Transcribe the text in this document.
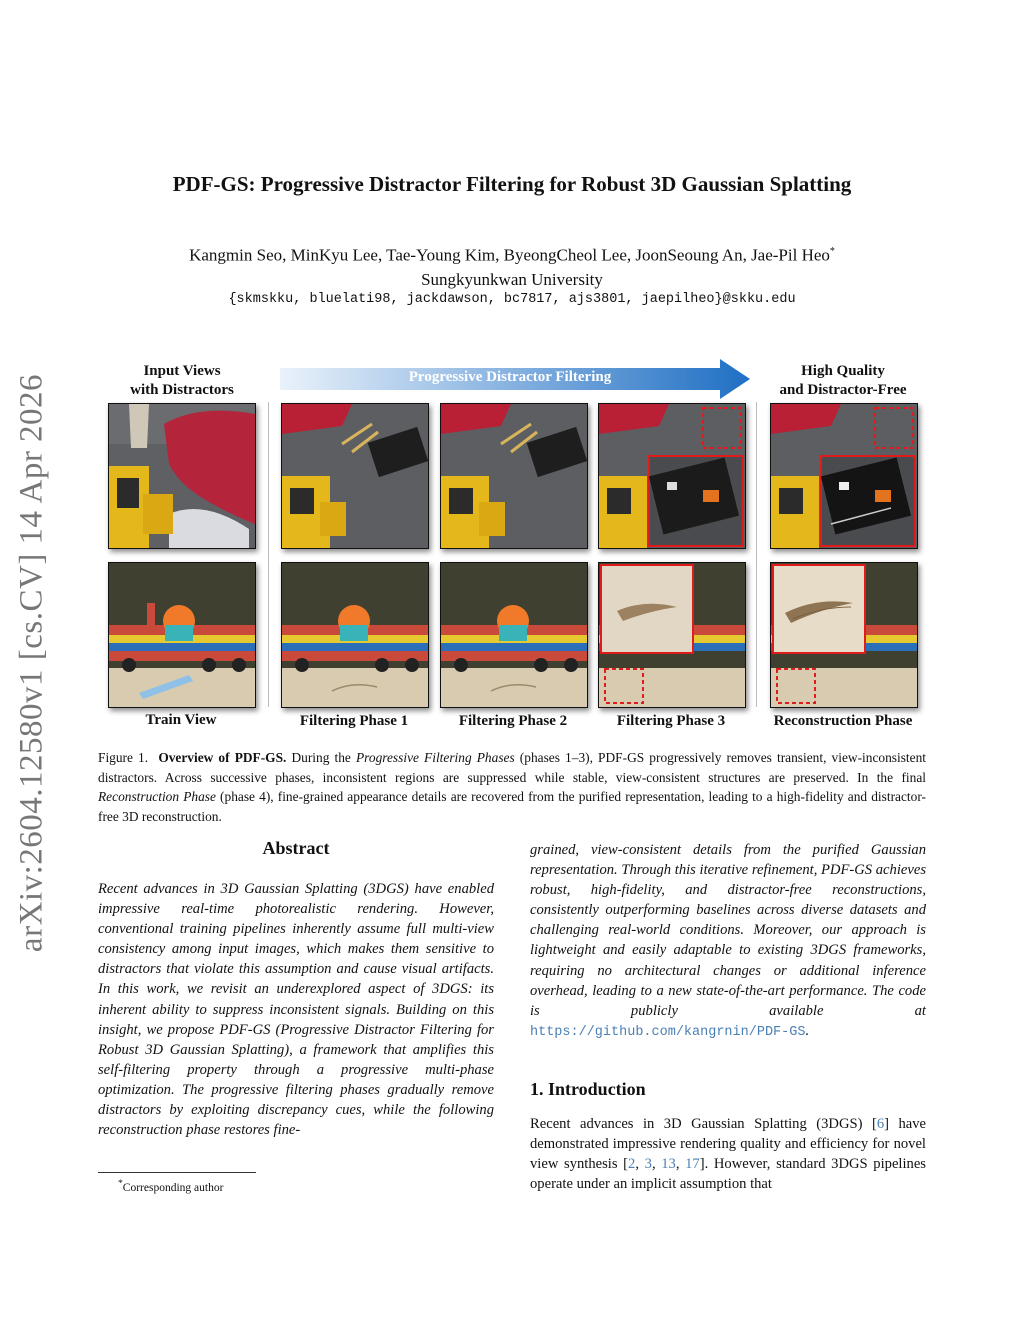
arXiv:2604.12580v1 [cs.CV] 14 Apr 2026
PDF-GS: Progressive Distractor Filtering for Robust 3D Gaussian Splatting
Kangmin Seo, MinKyu Lee, Tae-Young Kim, ByeongCheol Lee, JoonSeoung An, Jae-Pil Heo*
Sungkyunkwan University
{skmskku, bluelati98, jackdawson, bc7817, ajs3801, jaepilheo}@skku.edu
Input Views
with Distractors
Progressive Distractor Filtering	High Quality
and Distractor-Free
Train View	Filtering Phase 1	Filtering Phase 2	Filtering Phase 3	Reconstruction Phase
Figure 1. Overview of PDF-GS. During the Progressive Filtering Phases (phases 1–3), PDF-GS progressively removes transient, view-inconsistent distractors. Across successive phases, inconsistent regions are suppressed while stable, view-consistent structures are preserved. In the final Reconstruction Phase (phase 4), fine-grained appearance details are recovered from the purified representation, leading to a high-fidelity and distractor-free 3D reconstruction.
Abstract
Recent advances in 3D Gaussian Splatting (3DGS) have enabled impressive real-time photorealistic rendering. However, conventional training pipelines inherently assume full multi-view consistency among input images, which makes them sensitive to distractors that violate this assumption and cause visual artifacts. In this work, we revisit an underexplored aspect of 3DGS: its inherent ability to suppress inconsistent signals. Building on this insight, we propose PDF-GS (Progressive Distractor Filtering for Robust 3D Gaussian Splatting), a framework that amplifies this self-filtering property through a progressive multi-phase optimization. The progressive filtering phases gradually remove distractors by exploiting discrepancy cues, while the following reconstruction phase restores fine-
grained, view-consistent details from the purified Gaussian representation. Through this iterative refinement, PDF-GS achieves robust, high-fidelity, and distractor-free reconstructions, consistently outperforming baselines across diverse datasets and challenging real-world conditions. Moreover, our approach is lightweight and easily adaptable to existing 3DGS frameworks, requiring no architectural changes or additional inference overhead, leading to a new state-of-the-art performance. The code is publicly available at https://github.com/kangrnin/PDF-GS.
1. Introduction
Recent advances in 3D Gaussian Splatting (3DGS) [6] have demonstrated impressive rendering quality and efficiency for novel view synthesis [2, 3, 13, 17]. However, standard 3DGS pipelines operate under an implicit assumption that
*Corresponding author
